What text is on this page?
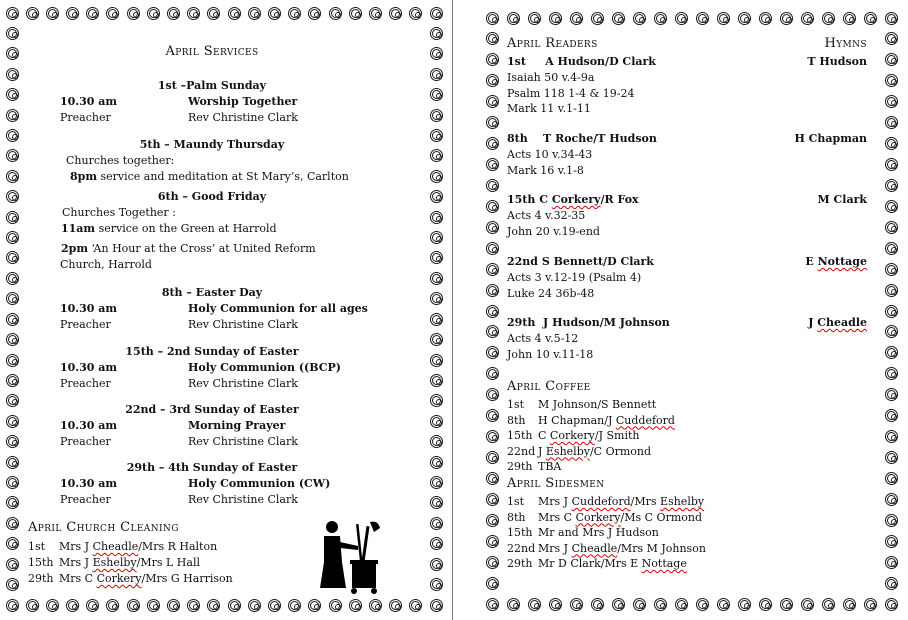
April Services
1st –Palm Sunday
10.30 am	Worship Together
Preacher	Rev Christine Clark
5th – Maundy Thursday
Churches together:
8pm service and meditation at St Mary’s, Carlton
6th – Good Friday
Churches Together :
11am service on the Green at Harrold
2pm ‘An Hour at the Cross’ at United Reform
Church, Harrold
8th – Easter Day
10.30 am	Holy Communion for all ages
Preacher	Rev Christine Clark
15th – 2nd Sunday of Easter
10.30 am	Holy Communion ((BCP)
Preacher	Rev Christine Clark
22nd – 3rd Sunday of Easter
10.30 am	Morning Prayer
Preacher	Rev Christine Clark
29th – 4th Sunday of Easter
10.30 am	Holy Communion (CW)
Preacher	Rev Christine Clark
April Church Cleaning
1st Mrs J Cheadle/Mrs R Halton
15th Mrs J Eshelby/Mrs L Hall
29th Mrs C Corkery/Mrs G Harrison
April Readers	Hymns
1st     A Hudson/D Clark	T Hudson
Isaiah 50 v.4-9a
Psalm 118 1-4 & 19-24
Mark 11 v.1-11
8th    T Roche/T Hudson	H Chapman
Acts 10 v.34-43
Mark 16 v.1-8
15th C Corkery/R Fox	M Clark
Acts 4 v.32-35
John 20 v.19-end
22nd S Bennett/D Clark	E Nottage
Acts 3 v.12-19 (Psalm 4)
Luke 24 36b-48
29th  J Hudson/M Johnson	J Cheadle
Acts 4 v.5-12
John 10 v.11-18
April Coffee
1st M Johnson/S Bennett
8th H Chapman/J Cuddeford
15th C Corkery/J Smith
22nd J Eshelby/C Ormond
29th TBA
April Sidesmen
1st Mrs J Cuddeford/Mrs Eshelby
8th Mrs C Corkery/Ms C Ormond
15th Mr and Mrs J Hudson
22nd Mrs J Cheadle/Mrs M Johnson
29th Mr D Clark/Mrs E Nottage
